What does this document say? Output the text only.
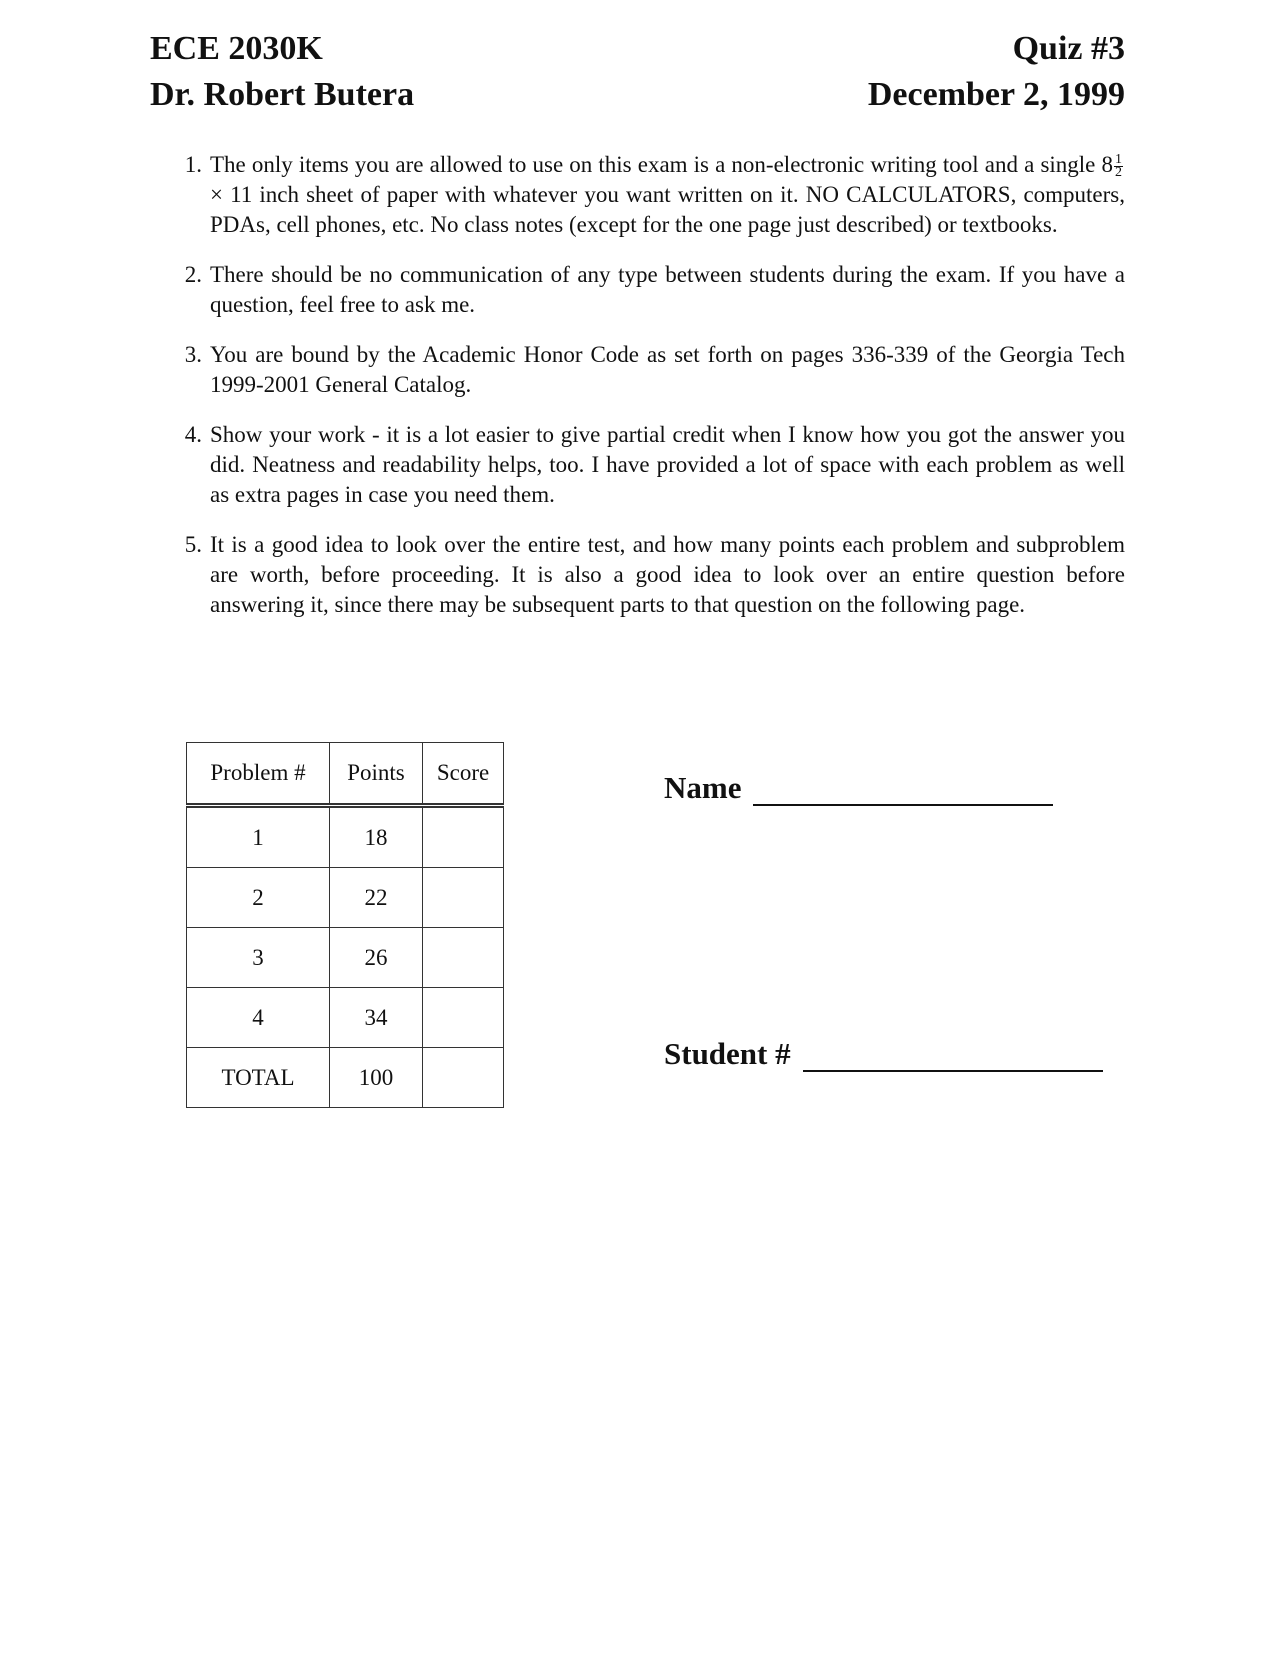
ECE 2030K	Quiz #3
Dr. Robert Butera	December 2, 1999
1. The only items you are allowed to use on this exam is a non-electronic writing tool and a single $8 \frac{1}{2}$
× 11 inch sheet of paper with whatever you want written on it. NO CALCULATORS, computers, PDAs, cell phones, etc. No class notes (except for the one page just described) or textbooks.
2. There should be no communication of any type between students during the exam. If you have a question, feel free to ask me.
3. You are bound by the Academic Honor Code as set forth on pages 336-339 of the Georgia Tech 1999-2001 General Catalog.
4. Show your work - it is a lot easier to give partial credit when I know how you got the answer you did. Neatness and readability helps, too. I have provided a lot of space with each problem as well as extra pages in case you need them.
5. It is a good idea to look over the entire test, and how many points each problem and subproblem are worth, before proceeding. It is also a good idea to look over an entire question before answering it, since there may be subsequent parts to that question on the following page.
Problem #	Points	Score
1	18	
2	22	
3	26	
4	34	
TOTAL	100	
Name
Student #
